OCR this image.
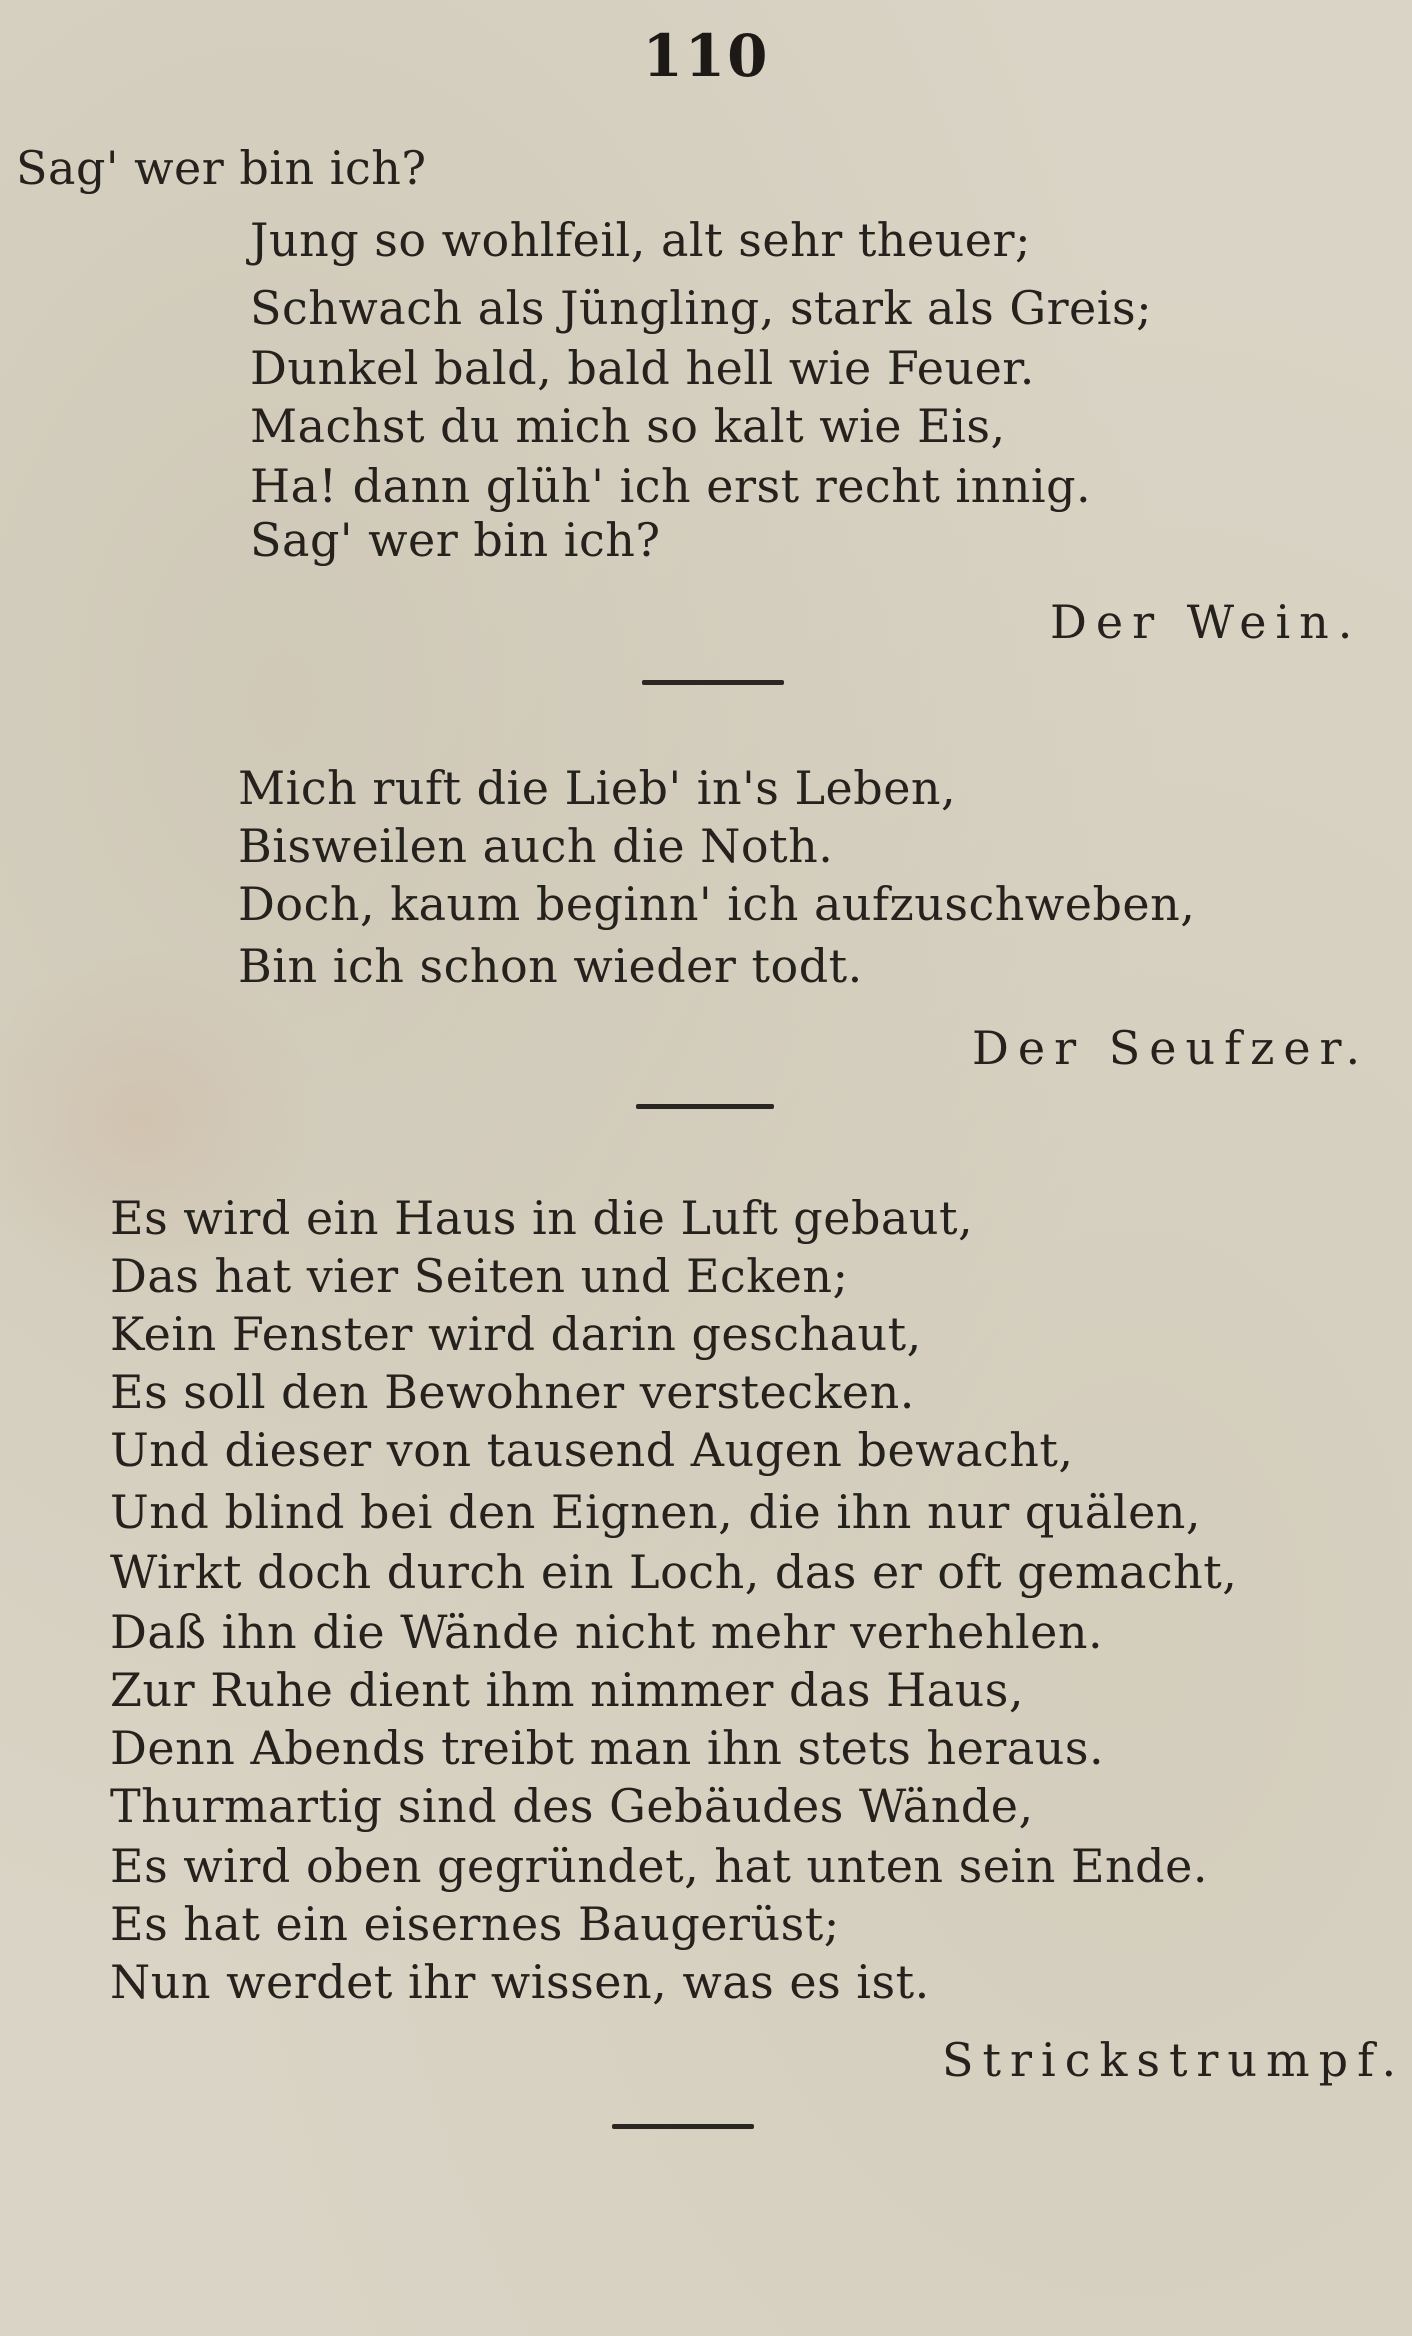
110
Sag' wer bin ich?
Jung so wohlfeil, alt sehr theuer;
Schwach als Jüngling, stark als Greis;
Dunkel bald, bald hell wie Feuer.
Machst du mich so kalt wie Eis,
Ha! dann glüh' ich erst recht innig.
Sag' wer bin ich?
Der Wein.
Mich ruft die Lieb' in's Leben,
Bisweilen auch die Noth.
Doch, kaum beginn' ich aufzuschweben,
Bin ich schon wieder todt.
Der Seufzer.
Es wird ein Haus in die Luft gebaut,
Das hat vier Seiten und Ecken;
Kein Fenster wird darin geschaut,
Es soll den Bewohner verstecken.
Und dieser von tausend Augen bewacht,
Und blind bei den Eignen, die ihn nur quälen,
Wirkt doch durch ein Loch, das er oft gemacht,
Daß ihn die Wände nicht mehr verhehlen.
Zur Ruhe dient ihm nimmer das Haus,
Denn Abends treibt man ihn stets heraus.
Thurmartig sind des Gebäudes Wände,
Es wird oben gegründet, hat unten sein Ende.
Es hat ein eisernes Baugerüst;
Nun werdet ihr wissen, was es ist.
Strickstrumpf.
